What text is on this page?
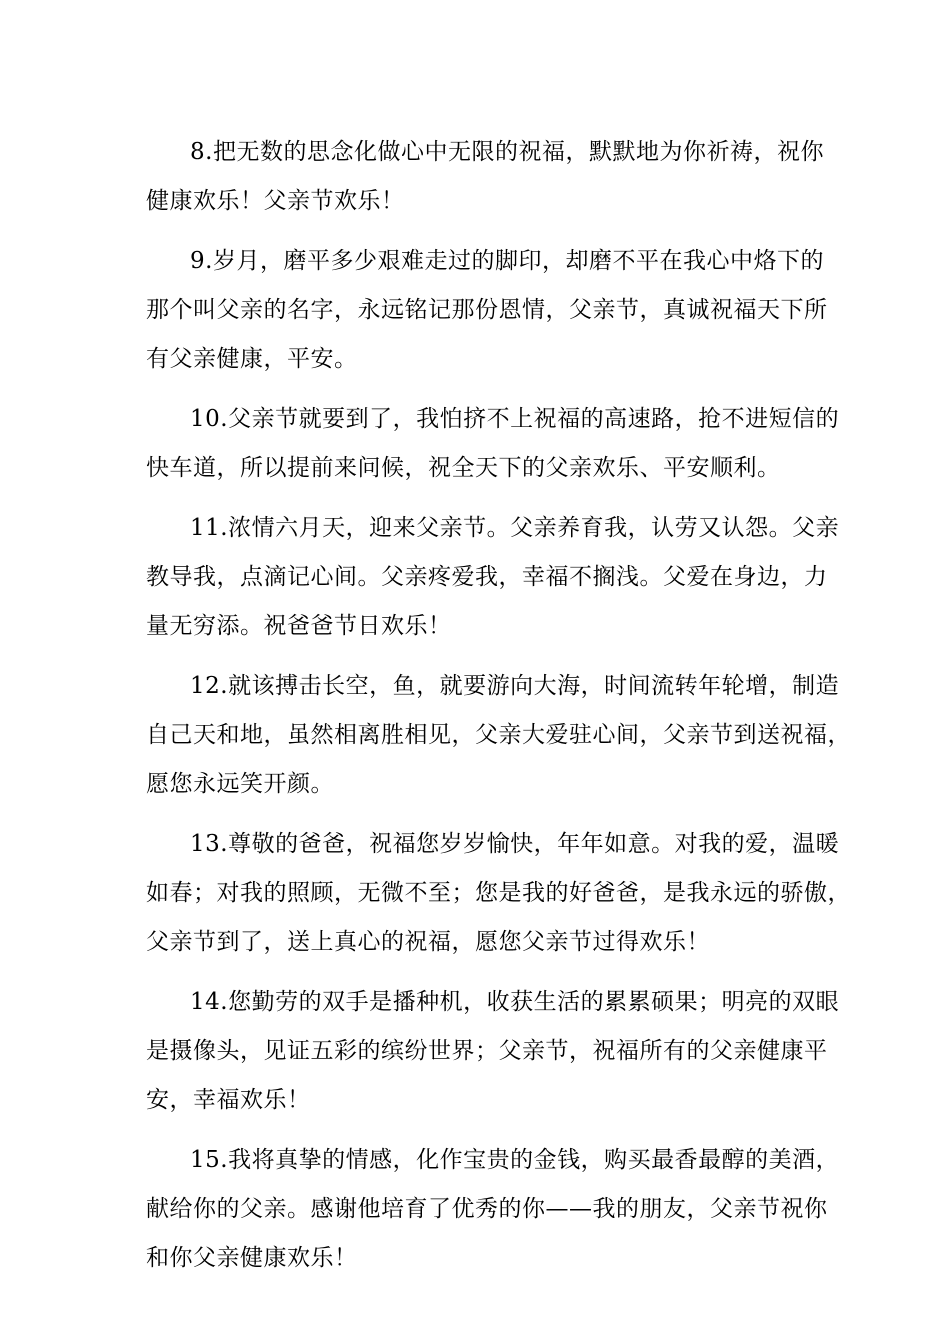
8.把无数的思念化做心中无限的祝福，默默地为你祈祷，祝你
健康欢乐！父亲节欢乐！

9.岁月，磨平多少艰难走过的脚印，却磨不平在我心中烙下的
那个叫父亲的名字，永远铭记那份恩情，父亲节，真诚祝福天下所
有父亲健康，平安。

10.父亲节就要到了，我怕挤不上祝福的高速路，抢不进短信的
快车道，所以提前来问候，祝全天下的父亲欢乐、平安顺利。

11.浓情六月天，迎来父亲节。父亲养育我，认劳又认怨。父亲
教导我，点滴记心间。父亲疼爱我，幸福不搁浅。父爱在身边，力
量无穷添。祝爸爸节日欢乐！

12.就该搏击长空，鱼，就要游向大海，时间流转年轮增，制造
自己天和地，虽然相离胜相见，父亲大爱驻心间，父亲节到送祝福，
愿您永远笑开颜。

13.尊敬的爸爸，祝福您岁岁愉快，年年如意。对我的爱，温暖
如春；对我的照顾，无微不至；您是我的好爸爸，是我永远的骄傲，
父亲节到了，送上真心的祝福，愿您父亲节过得欢乐！

14.您勤劳的双手是播种机，收获生活的累累硕果；明亮的双眼
是摄像头，见证五彩的缤纷世界；父亲节，祝福所有的父亲健康平
安，幸福欢乐！

15.我将真挚的情感，化作宝贵的金钱，购买最香最醇的美酒，
献给你的父亲。感谢他培育了优秀的你——我的朋友，父亲节祝你
和你父亲健康欢乐！
